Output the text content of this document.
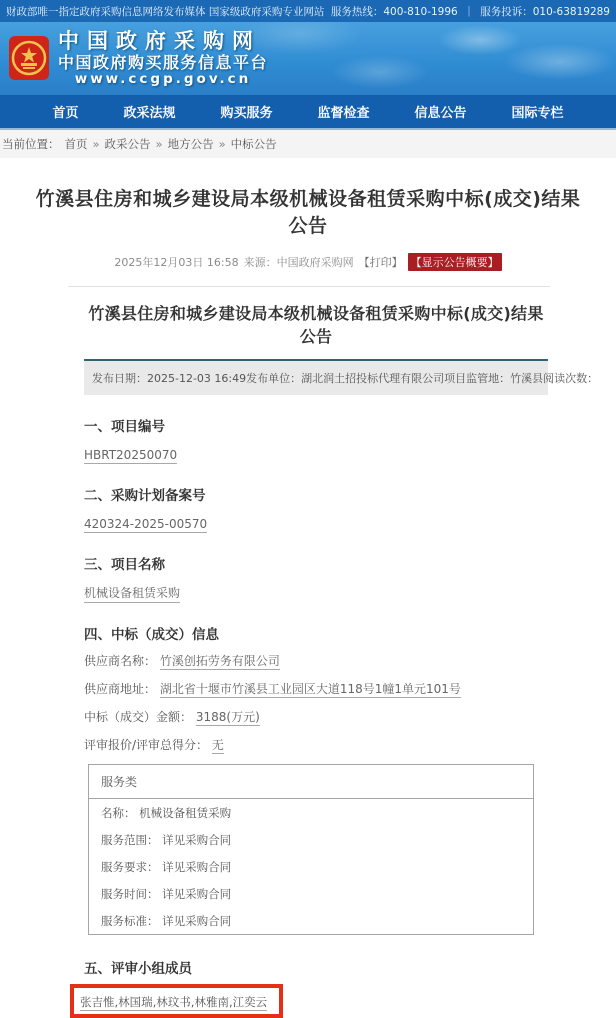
财政部唯一指定政府采购信息网络发布媒体 国家级政府采购专业网站 服务热线：400-810-1996 ｜ 服务投诉：010-63819289
中国政府采购网
中国政府购买服务信息平台
www.ccgp.gov.cn
首页	政采法规	购买服务	监督检查	信息公告	国际专栏
当前位置： 首页 » 政采公告 » 地方公告 » 中标公告
竹溪县住房和城乡建设局本级机械设备租赁采购中标(成交)结果公告
2025年12月03日 16:58 来源：中国政府采购网 【打印】 【显示公告概要】
竹溪县住房和城乡建设局本级机械设备租赁采购中标(成交)结果公告
发布日期：2025-12-03 16:49 发布单位：湖北润土招投标代理有限公司 项目监管地：竹溪县 阅读次数：
一、项目编号
HBRT20250070
二、采购计划备案号
420324-2025-00570
三、项目名称
机械设备租赁采购
四、中标（成交）信息
供应商名称： 竹溪创拓劳务有限公司
供应商地址： 湖北省十堰市竹溪县工业园区大道118号1幢1单元101号
中标（成交）金额： 3188(万元)
评审报价/评审总得分： 无
服务类
名称： 机械设备租赁采购
服务范围： 详见采购合同
服务要求： 详见采购合同
服务时间： 详见采购合同
服务标准： 详见采购合同
五、评审小组成员
张吉惟,林国瑞,林玟书,林雅南,江奕云
